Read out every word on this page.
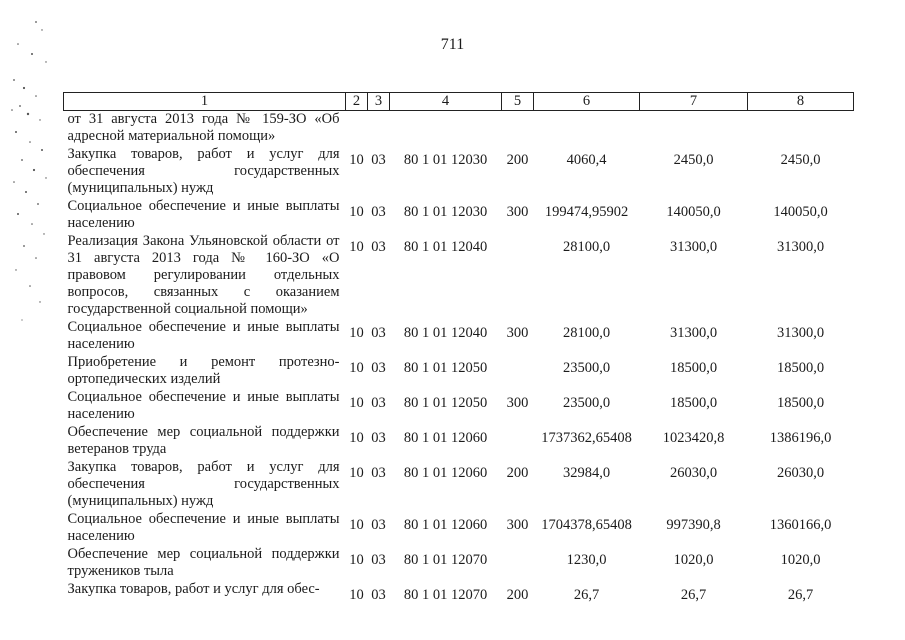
711
1	2	3	4	5	6	7	8
от 31 августа 2013 года № 159-ЗО «Об адресной материальной помощи»							
Закупка товаров, работ и услуг для обеспечения государственных (муниципальных) нужд	10	03	80 1 01 12030	200	4060,4	2450,0	2450,0
Социальное обеспечение и иные выплаты населению	10	03	80 1 01 12030	300	199474,95902	140050,0	140050,0
Реализация Закона Ульяновской области от 31 августа 2013 года № 160-ЗО «О правовом регулировании отдельных вопросов, связанных с оказанием государственной социальной помощи»	10	03	80 1 01 12040		28100,0	31300,0	31300,0
Социальное обеспечение и иные выплаты населению	10	03	80 1 01 12040	300	28100,0	31300,0	31300,0
Приобретение и ремонт протезно-ортопедических изделий	10	03	80 1 01 12050		23500,0	18500,0	18500,0
Социальное обеспечение и иные выплаты населению	10	03	80 1 01 12050	300	23500,0	18500,0	18500,0
Обеспечение мер социальной поддержки ветеранов труда	10	03	80 1 01 12060		1737362,65408	1023420,8	1386196,0
Закупка товаров, работ и услуг для обеспечения государственных (муниципальных) нужд	10	03	80 1 01 12060	200	32984,0	26030,0	26030,0
Социальное обеспечение и иные выплаты населению	10	03	80 1 01 12060	300	1704378,65408	997390,8	1360166,0
Обеспечение мер социальной поддержки тружеников тыла	10	03	80 1 01 12070		1230,0	1020,0	1020,0
Закупка товаров, работ и услуг для обес-	10	03	80 1 01 12070	200	26,7	26,7	26,7
